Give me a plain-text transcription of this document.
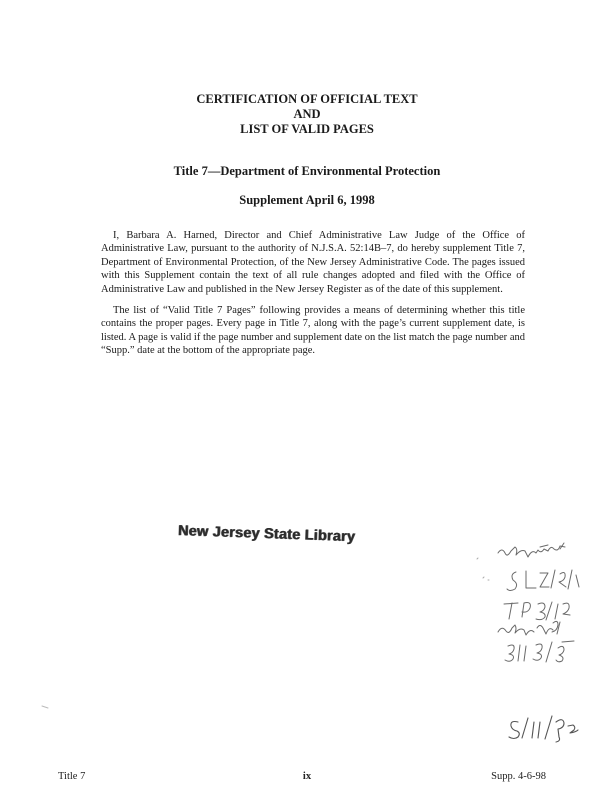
CERTIFICATION OF OFFICIAL TEXT
AND
LIST OF VALID PAGES
Title 7—Department of Environmental Protection
Supplement April 6, 1998

I, Barbara A. Harned, Director and Chief Administrative Law Judge of the Office of Administrative Law, pursuant to the authority of N.J.S.A. 52:14B–7, do hereby supplement Title 7, Department of Environmental Protection, of the New Jersey Administrative Code. The pages issued with this Supplement contain the text of all rule changes adopted and filed with the Office of Administrative Law and published in the New Jersey Register as of the date of this supplement.

The list of “Valid Title 7 Pages” following provides a means of determining whether this title contains the proper pages. Every page in Title 7, along with the page’s current supplement date, is listed. A page is valid if the page number and supplement date on the list match the page number and “Supp.” date at the bottom of the appropriate page.

New Jersey State Library
Title 7	ix	Supp. 4-6-98
